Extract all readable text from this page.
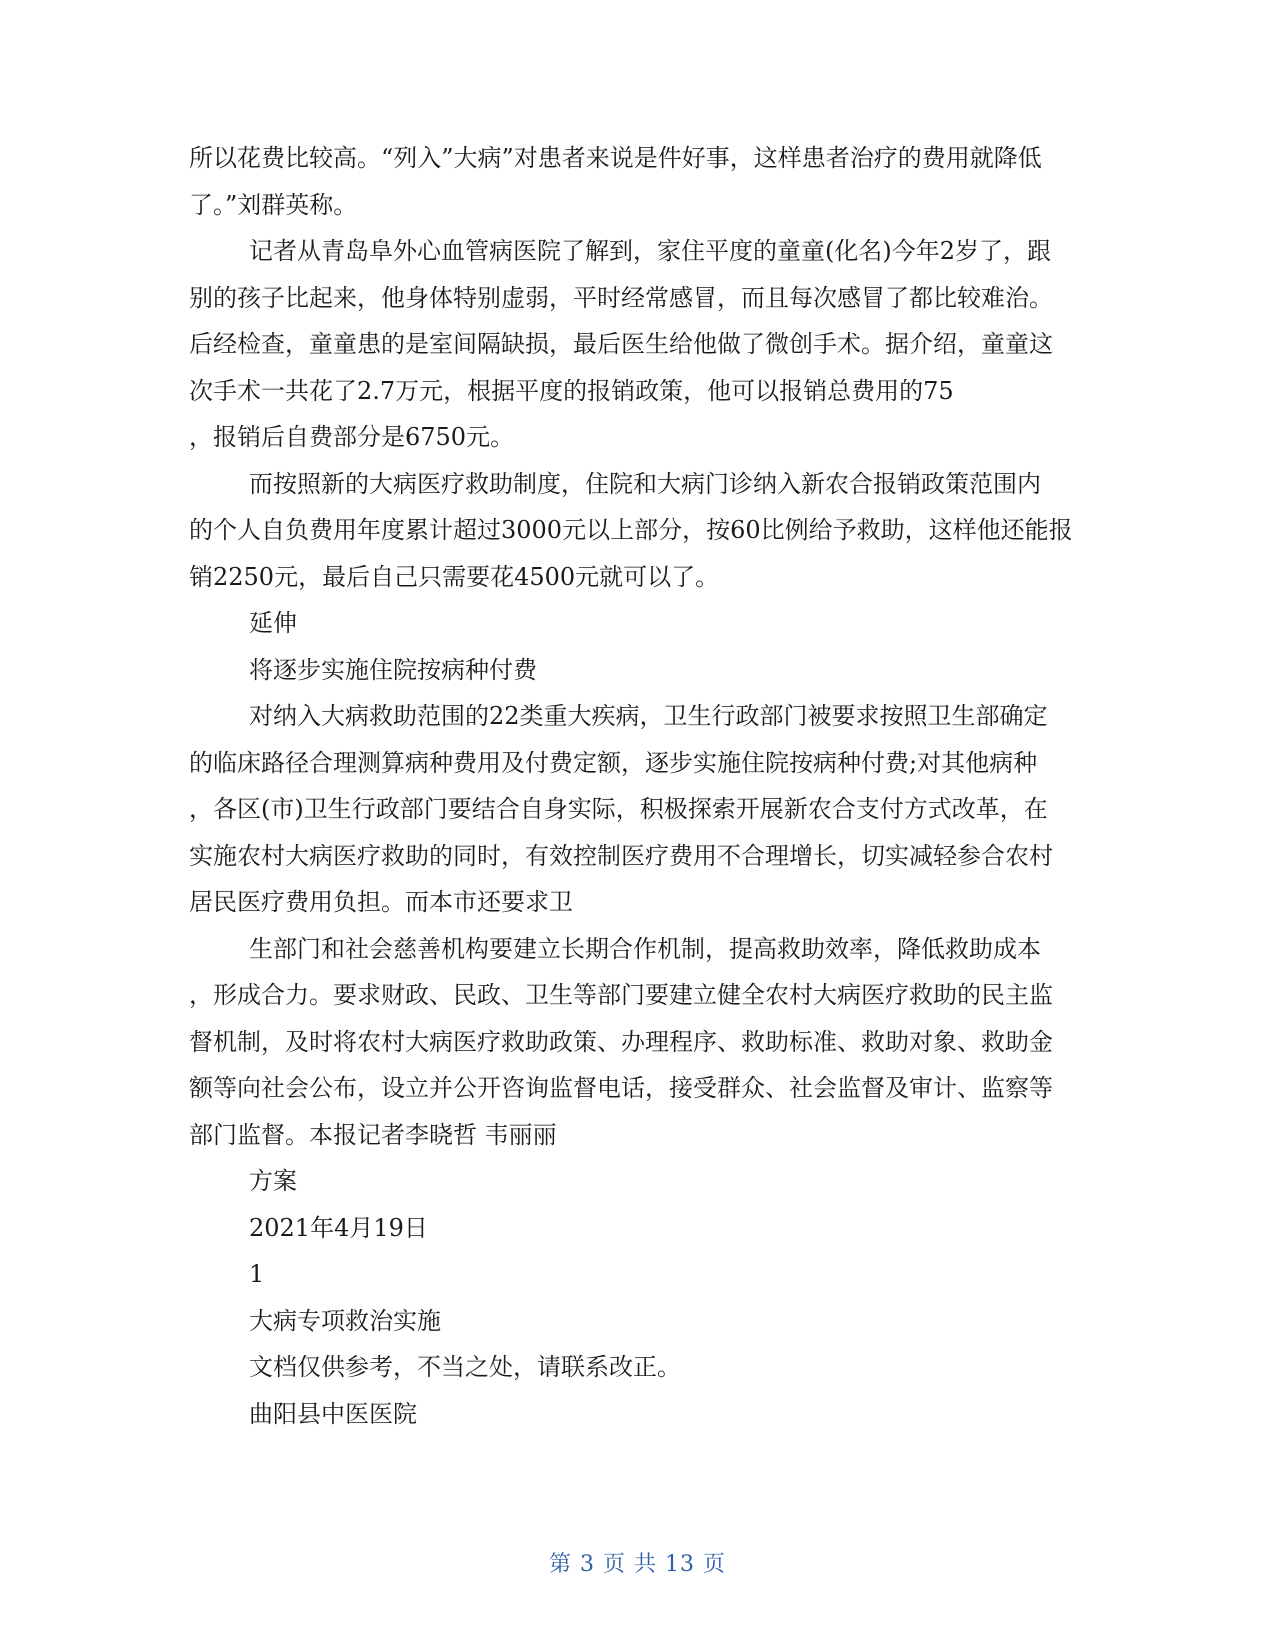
所以花费比较高。“列入”大病”对患者来说是件好事，这样患者治疗的费用就降低
了。”刘群英称。
记者从青岛阜外心血管病医院了解到，家住平度的童童(化名)今年2岁了，跟
别的孩子比起来，他身体特别虚弱，平时经常感冒，而且每次感冒了都比较难治。
后经检查，童童患的是室间隔缺损，最后医生给他做了微创手术。据介绍，童童这
次手术一共花了2.7万元，根据平度的报销政策，他可以报销总费用的75
，报销后自费部分是6750元。
而按照新的大病医疗救助制度，住院和大病门诊纳入新农合报销政策范围内
的个人自负费用年度累计超过3000元以上部分，按60比例给予救助，这样他还能报
销2250元，最后自己只需要花4500元就可以了。
延伸
将逐步实施住院按病种付费
对纳入大病救助范围的22类重大疾病，卫生行政部门被要求按照卫生部确定
的临床路径合理测算病种费用及付费定额，逐步实施住院按病种付费;对其他病种
，各区(市)卫生行政部门要结合自身实际，积极探索开展新农合支付方式改革，在
实施农村大病医疗救助的同时，有效控制医疗费用不合理增长，切实减轻参合农村
居民医疗费用负担。而本市还要求卫
生部门和社会慈善机构要建立长期合作机制，提高救助效率，降低救助成本
，形成合力。要求财政、民政、卫生等部门要建立健全农村大病医疗救助的民主监
督机制，及时将农村大病医疗救助政策、办理程序、救助标准、救助对象、救助金
额等向社会公布，设立并公开咨询监督电话，接受群众、社会监督及审计、监察等
部门监督。本报记者李晓哲 韦丽丽
方案
2021年4月19日
1
大病专项救治实施
文档仅供参考，不当之处，请联系改正。
曲阳县中医医院
第 3 页 共 13 页
